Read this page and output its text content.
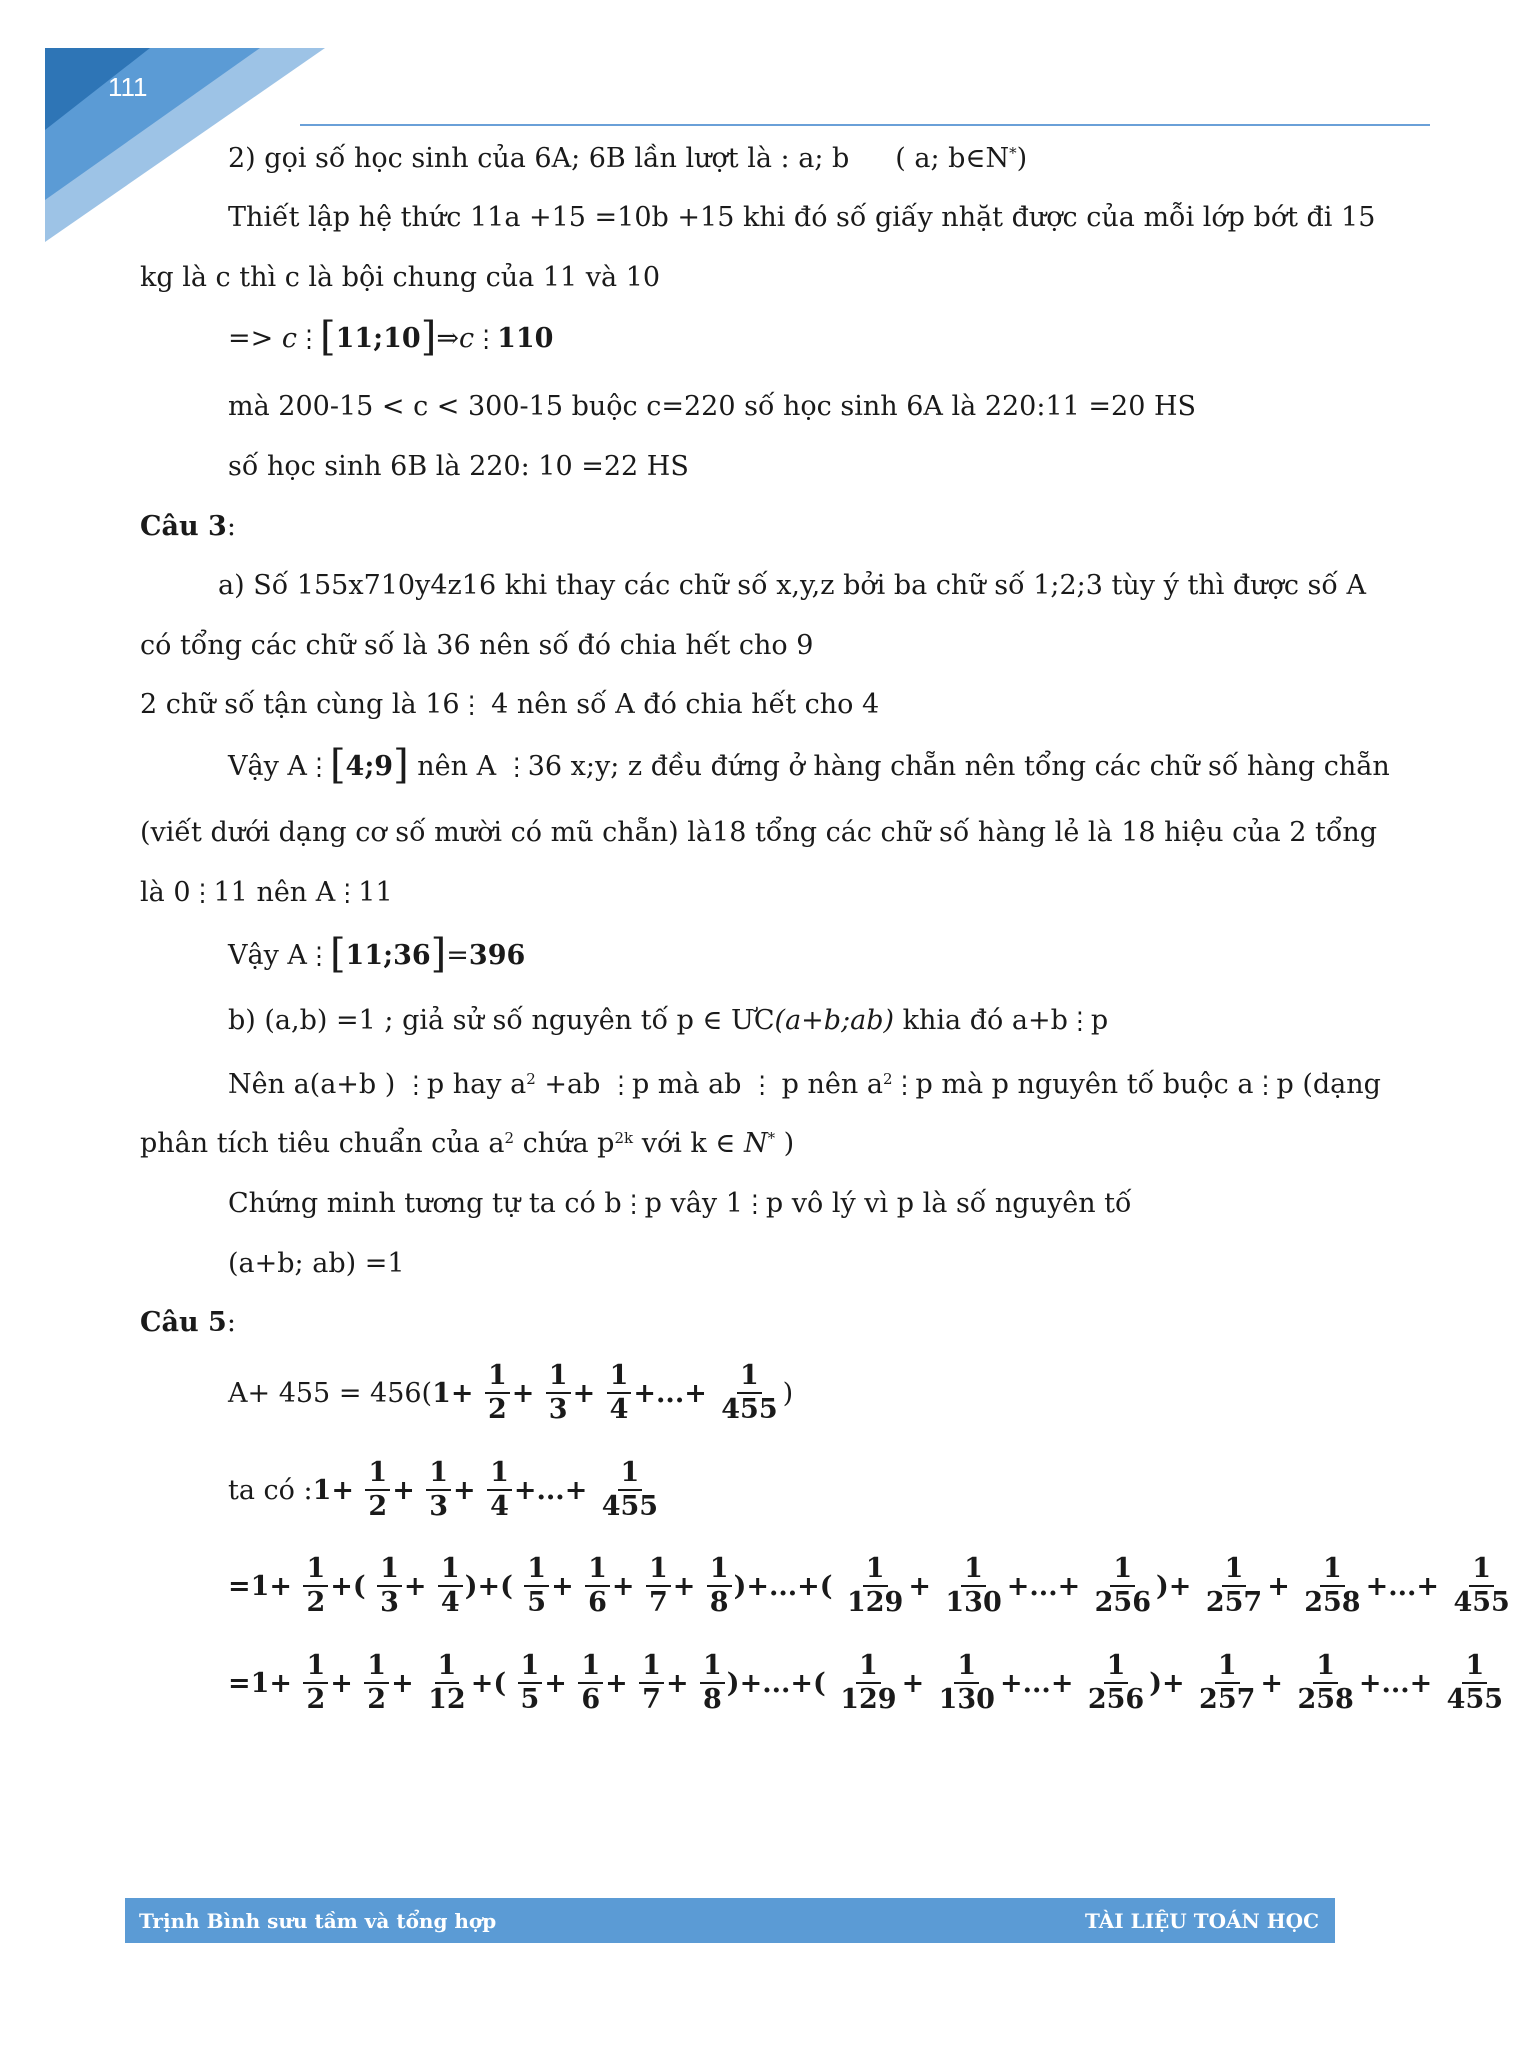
111
2) gọi số học sinh của 6A; 6B lần lượt là : a; b ( a; b∈N*)
Thiết lập hệ thức 11a +15 =10b +15 khi đó số giấy nhặt được của mỗi lớp bớt đi 15
kg là c thì c là bội chung của 11 và 10
=> c⋮[11;10]⇒c⋮110
mà 200-15 < c < 300-15 buộc c=220 số học sinh 6A là 220:11 =20 HS
số học sinh 6B là 220: 10 =22 HS
Câu 3:
a) Số 155x710y4z16 khi thay các chữ số x,y,z bởi ba chữ số 1;2;3 tùy ý thì được số A
có tổng các chữ số là 36 nên số đó chia hết cho 9
2 chữ số tận cùng là 16⋮ 4 nên số A đó chia hết cho 4
Vậy A⋮[4;9] nên A ⋮36 x;y; z đều đứng ở hàng chẵn nên tổng các chữ số hàng chẵn
(viết dưới dạng cơ số mười có mũ chẵn) là18 tổng các chữ số hàng lẻ là 18 hiệu của 2 tổng
là 0⋮11 nên A⋮11
Vậy A⋮[11;36]=396
b) (a,b) =1 ; giả sử số nguyên tố p ∈ ƯC(a+b;ab) khia đó a+b⋮p
Nên a(a+b ) ⋮p hay $a^2 +ab$ ⋮p mà ab ⋮ p nên $a^2⋮p$ mà p nguyên tố buộc a⋮p (dạng
phân tích tiêu chuẩn của $a^2$ chứa $p^{2k}$ với k ∈ N* )
Chứng minh tương tự ta có b⋮p vây 1⋮p vô lý vì p là số nguyên tố
(a+b; ab) =1
Câu 5:
$A+ 455 = 456(1+ \frac{1}{2} + \frac{1}{3} + \frac{1}{4}$ +...+ $\frac{1}{455}$ )
ta có :1+ $\frac{1}{2} + \frac{1}{3} + \frac{1}{4}$ +...+ $\frac{1}{455}$
$=1+ \frac{1}{2}$ +( $\frac{1}{3} + \frac{1}{4}$ )+( $\frac{1}{5} + \frac{1}{6} + \frac{1}{7} + \frac{1}{8}$ )+...+( $\frac{1}{129} + \frac{1}{130}$ +...+ $\frac{1}{256}$ )+ $\frac{1}{257} + \frac{1}{258}$ +...+ $\frac{1}{455}$
$=1+ \frac{1}{2} + \frac{1}{2} + \frac{1}{12}$ +( $\frac{1}{5} + \frac{1}{6} + \frac{1}{7} + \frac{1}{8}$ )+...+( $\frac{1}{129} + \frac{1}{130}$ +...+ $\frac{1}{256}$ )+ $\frac{1}{257} + \frac{1}{258}$ +...+ $\frac{1}{455}$
Trịnh Bình sưu tầm và tổng hợp	TÀI LIỆU TOÁN HỌC
